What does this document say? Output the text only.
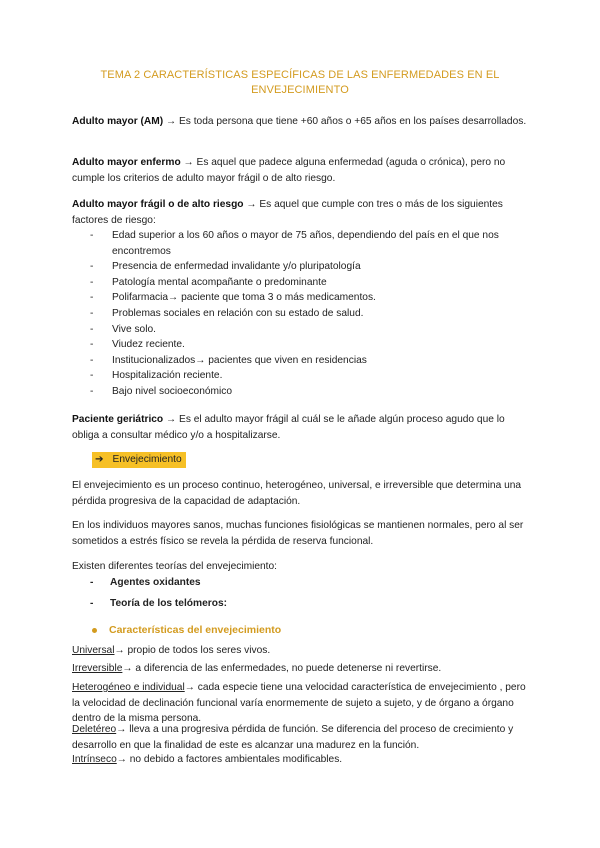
TEMA 2 CARACTERÍSTICAS ESPECÍFICAS DE LAS ENFERMEDADES EN EL ENVEJECIMIENTO
Adulto mayor (AM) → Es toda persona que tiene +60 años o +65 años en los países desarrollados.
Adulto mayor enfermo → Es aquel que padece alguna enfermedad (aguda o crónica), pero no cumple los criterios de adulto mayor frágil o de alto riesgo.
Adulto mayor frágil o de alto riesgo → Es aquel que cumple con tres o más de los siguientes factores de riesgo:
- Edad superior a los 60 años o mayor de 75 años, dependiendo del país en el que nos encontremos
- Presencia de enfermedad invalidante y/o pluripatología
- Patología mental acompañante o predominante
- Polifarmacia→ paciente que toma 3 o más medicamentos.
- Problemas sociales en relación con su estado de salud.
- Vive solo.
- Viudez reciente.
- Institucionalizados→ pacientes que viven en residencias
- Hospitalización reciente.
- Bajo nivel socioeconómico
Paciente geriátrico → Es el adulto mayor frágil al cuál se le añade algún proceso agudo que lo obliga a consultar médico y/o a hospitalizarse.
➔ Envejecimiento
El envejecimiento es un proceso continuo, heterogéneo, universal, e irreversible que determina una pérdida progresiva de la capacidad de adaptación.
En los individuos mayores sanos, muchas funciones fisiológicas se mantienen normales, pero al ser sometidos a estrés físico se revela la pérdida de reserva funcional.
Existen diferentes teorías del envejecimiento:
- Agentes oxidantes
- Teoría de los telómeros:
Características del envejecimiento
Universal→ propio de todos los seres vivos.
Irreversible→ a diferencia de las enfermedades, no puede detenerse ni revertirse.
Heterogéneo e individual→ cada especie tiene una velocidad característica de envejecimiento , pero la velocidad de declinación funcional varía enormemente de sujeto a sujeto, y de órgano a órgano dentro de la misma persona.
Deletéreo→ lleva a una progresiva pérdida de función. Se diferencia del proceso de crecimiento y desarrollo en que la finalidad de este es alcanzar una madurez en la función.
Intrínseco→ no debido a factores ambientales modificables.
